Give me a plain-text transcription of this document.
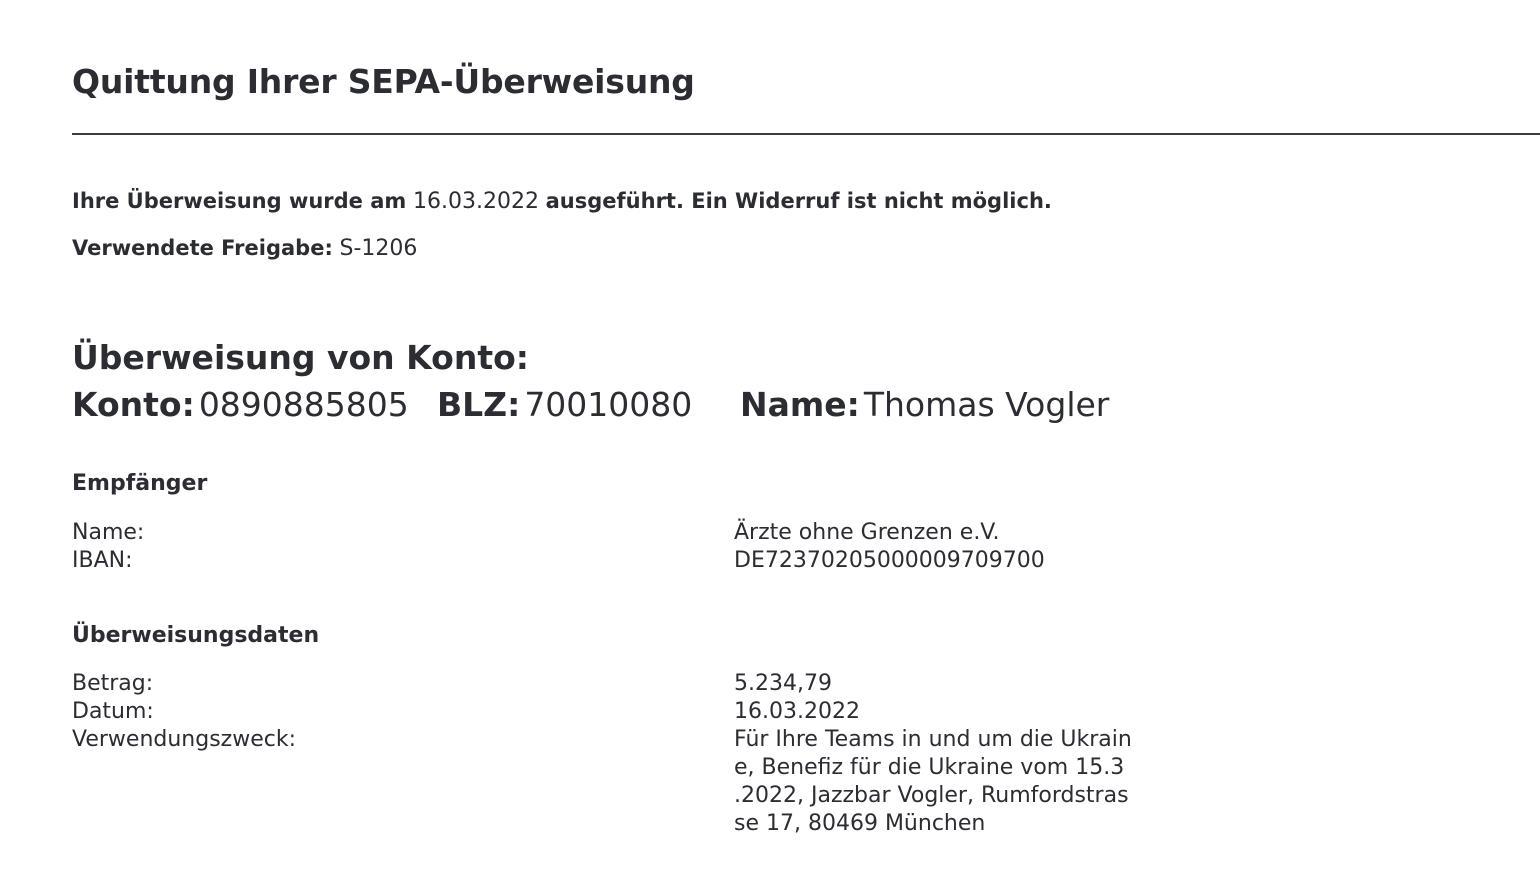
Quittung Ihrer SEPA-Überweisung
Ihre Überweisung wurde am 16.03.2022 ausgeführt. Ein Widerruf ist nicht möglich.
Verwendete Freigabe: S-1206
Überweisung von Konto:
Konto: 0890885805 BLZ: 70010080 Name: Thomas Vogler
Empfänger
Name:	Ärzte ohne Grenzen e.V.
IBAN:	DE72370205000009709700
Überweisungsdaten
Betrag:	5.234,79
Datum:	16.03.2022
Verwendungszweck:	Für Ihre Teams in und um die Ukrain
e, Benefiz für die Ukraine vom 15.3
.2022, Jazzbar Vogler, Rumfordstras
se 17, 80469 München
